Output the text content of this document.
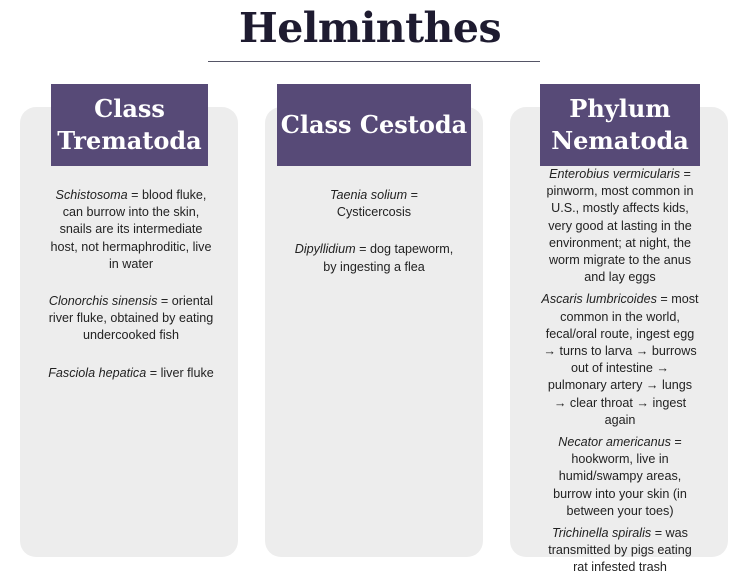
Helminthes
Class Trematoda

Schistosoma = blood fluke, can burrow into the skin, snails are its intermediate host, not hermaphroditic, live in water

Clonorchis sinensis = oriental river fluke, obtained by eating undercooked fish

Fasciola hepatica = liver fluke

Class Cestoda

Taenia solium = Cysticercosis

Dipyllidium = dog tapeworm, by ingesting a flea

Phylum Nematoda

Enterobius vermicularis = pinworm, most common in U.S., mostly affects kids, very good at lasting in the environment; at night, the worm migrate to the anus and lay eggs

Ascaris lumbricoides = most common in the world, fecal/oral route, ingest egg → turns to larva → burrows out of intestine → pulmonary artery → lungs → clear throat → ingest again

Necator americanus = hookworm, live in humid/swampy areas, burrow into your skin (in between your toes)

Trichinella spiralis = was transmitted by pigs eating rat infested trash
